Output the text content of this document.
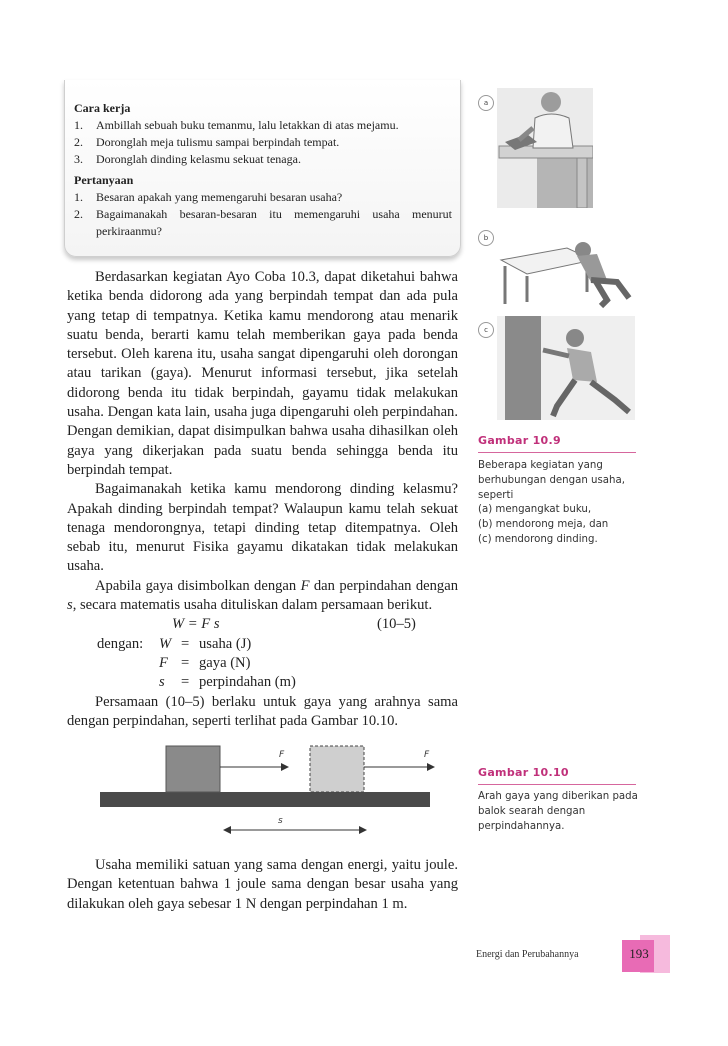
Cara kerja
1.	Ambillah sebuah buku temanmu, lalu letakkan di atas mejamu.
2.	Doronglah meja tulismu sampai berpindah tempat.
3.	Doronglah dinding kelasmu sekuat tenaga.
Pertanyaan
1.	Besaran apakah yang memengaruhi besaran usaha?
2.	Bagaimanakah besaran-besaran itu memengaruhi usaha menurut perkiraanmu?

Berdasarkan kegiatan Ayo Coba 10.3, dapat diketahui bahwa ketika benda didorong ada yang berpindah tempat dan ada pula yang tetap di tempatnya. Ketika kamu mendorong atau menarik suatu benda, berarti kamu telah memberikan gaya pada benda tersebut. Oleh karena itu, usaha sangat dipengaruhi oleh dorongan atau tarikan (gaya). Menurut informasi tersebut, jika setelah didorong benda itu tidak berpindah, gayamu tidak melakukan usaha. Dengan kata lain, usaha juga dipengaruhi oleh perpindahan. Dengan demikian, dapat disimpulkan bahwa usaha dihasilkan oleh gaya yang dikerjakan pada suatu benda sehingga benda itu berpindah tempat.

Bagaimanakah ketika kamu mendorong dinding kelasmu? Apakah dinding berpindah tempat? Walaupun kamu telah sekuat tenaga mendorongnya, tetapi dinding tetap ditempatnya. Oleh sebab itu, menurut Fisika gayamu dikatakan tidak melakukan usaha.

Apabila gaya disimbolkan dengan F dan perpindahan dengan s, secara matematis usaha dituliskan dalam persamaan berikut.

W = F s	(10–5)
dengan: W = usaha (J)
F = gaya (N)
s = perpindahan (m)

Persamaan (10–5) berlaku untuk gaya yang arahnya sama dengan perpindahan, seperti terlihat pada Gambar 10.10.

F	F
s

Usaha memiliki satuan yang sama dengan energi, yaitu joule. Dengan ketentuan bahwa 1 joule sama dengan besar usaha yang dilakukan oleh gaya sebesar 1 N dengan perpindahan 1 m.

a
b
c
Gambar 10.9
Beberapa kegiatan yang berhubungan dengan usaha, seperti
(a) mengangkat buku,
(b) mendorong meja, dan
(c) mendorong dinding.
Gambar 10.10
Arah gaya yang diberikan pada balok searah dengan perpindahannya.
Energi dan Perubahannya	193
